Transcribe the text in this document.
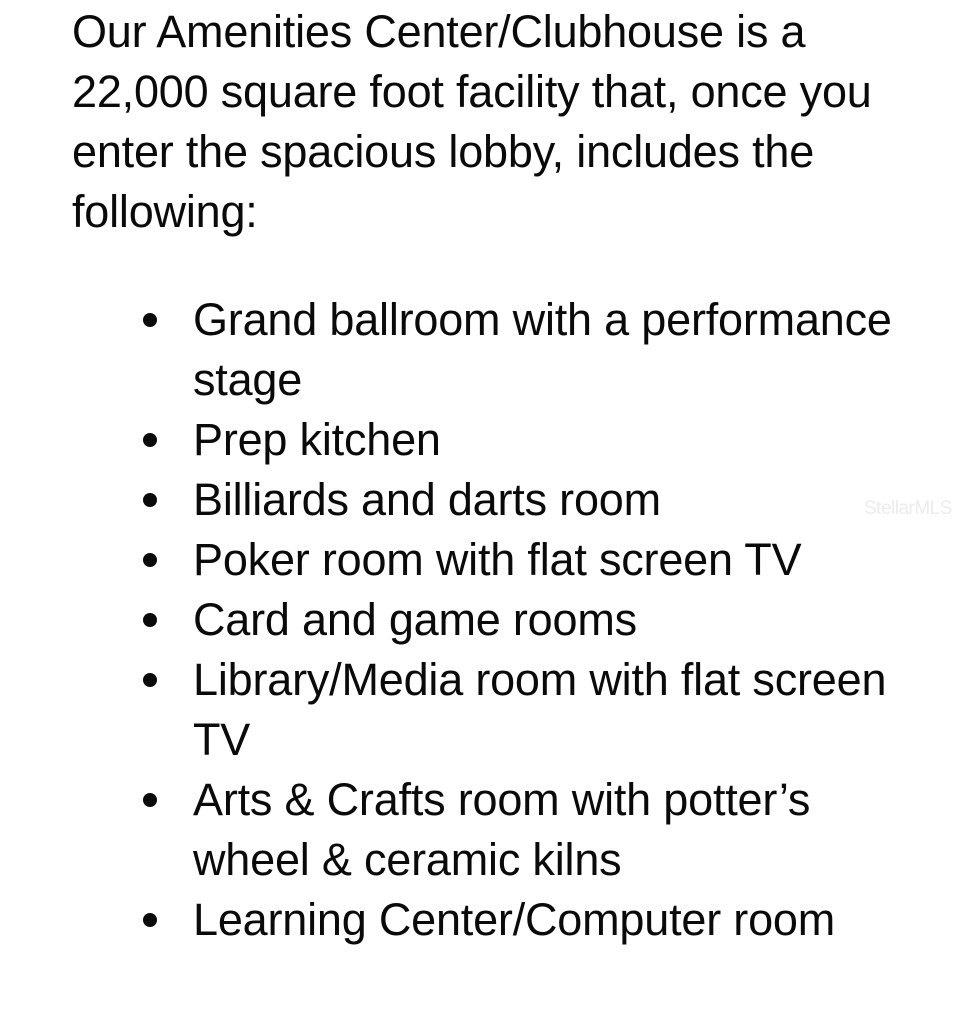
Our Amenities Center/Clubhouse is a 22,000 square foot facility that, once you enter the spacious lobby, includes the following:

Grand ballroom with a performance stage
Prep kitchen
Billiards and darts room
Poker room with flat screen TV
Card and game rooms
Library/Media room with flat screen TV
Arts & Crafts room with potter’s wheel & ceramic kilns
Learning Center/Computer room
StellarMLS
